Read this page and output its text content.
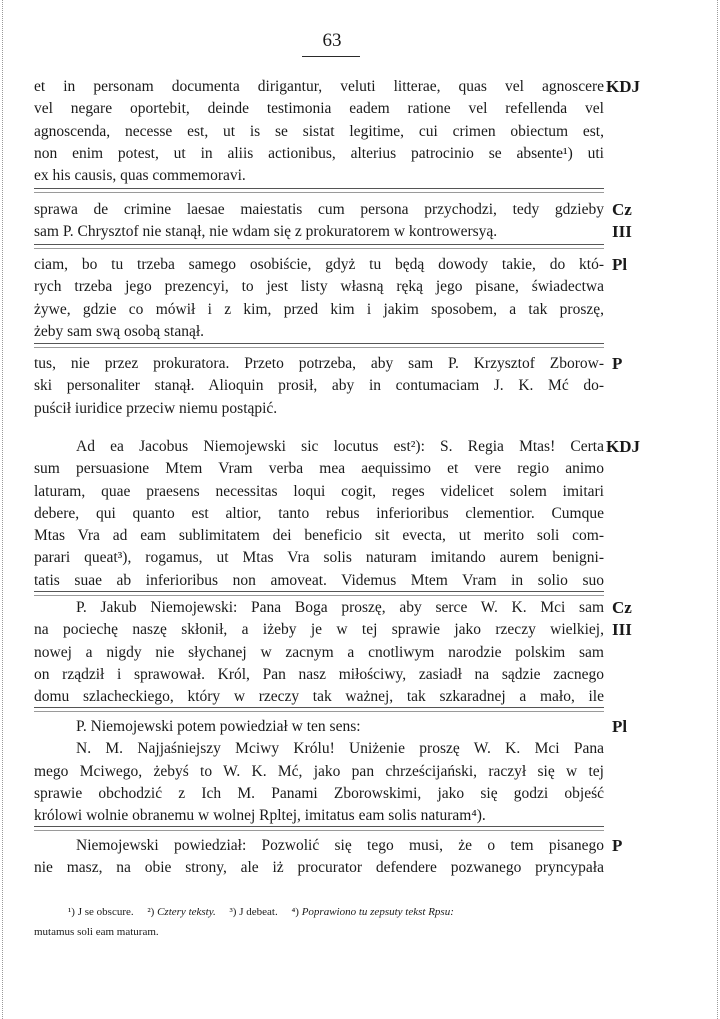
63
et in personam documenta dirigantur, veluti litterae, quas vel agnoscere
vel negare oportebit, deinde testimonia eadem ratione vel refellenda vel
agnoscenda, necesse est, ut is se sistat legitime, cui crimen obiectum est,
non enim potest, ut in aliis actionibus, alterius patrocinio se absente¹) uti
ex his causis, quas commemoravi.
KDJ
sprawa de crimine laesae maiestatis cum persona przychodzi, tedy gdzieby
sam P. Chrysztof nie stanął, nie wdam się z prokuratorem w kontrowersyą.
Cz
III
ciam, bo tu trzeba samego osobiście, gdyż tu będą dowody takie, do któ-
rych trzeba jego prezencyi, to jest listy własną ręką jego pisane, świadectwa
żywe, gdzie co mówił i z kim, przed kim i jakim sposobem, a tak proszę,
żeby sam swą osobą stanął.
Pl
tus, nie przez prokuratora. Przeto potrzeba, aby sam P. Krzysztof Zborow-
ski personaliter stanął. Alioquin prosił, aby in contumaciam J. K. Mć do-
puścił iuridice przeciw niemu postąpić.
P
Ad ea Jacobus Niemojewski sic locutus est²): S. Regia Mtas! Certa
sum persuasione Mtem Vram verba mea aequissimo et vere regio animo
laturam, quae praesens necessitas loqui cogit, reges videlicet solem imitari
debere, qui quanto est altior, tanto rebus inferioribus clementior. Cumque
Mtas Vra ad eam sublimitatem dei beneficio sit evecta, ut merito soli com-
parari queat³), rogamus, ut Mtas Vra solis naturam imitando aurem benigni-
tatis suae ab inferioribus non amoveat. Videmus Mtem Vram in solio suo
KDJ
P. Jakub Niemojewski: Pana Boga proszę, aby serce W. K. Mci sam
na pociechę naszę skłonił, a iżeby je w tej sprawie jako rzeczy wielkiej,
nowej a nigdy nie słychanej w zacnym a cnotliwym narodzie polskim sam
on rządził i sprawował. Król, Pan nasz miłościwy, zasiadł na sądzie zacnego
domu szlacheckiego, który w rzeczy tak ważnej, tak szkaradnej a mało, ile
Cz
III
P. Niemojewski potem powiedział w ten sens:
N. M. Najjaśniejszy Mciwy Królu! Uniżenie proszę W. K. Mci Pana
mego Mciwego, żebyś to W. K. Mć, jako pan chrześcijański, raczył się w tej
sprawie obchodzić z Ich M. Panami Zborowskimi, jako się godzi objeść
królowi wolnie obranemu w wolnej Rpltej, imitatus eam solis naturam⁴).
Pl
Niemojewski powiedział: Pozwolić się tego musi, że o tem pisanego
nie masz, na obie strony, ale iż procurator defendere pozwanego pryncypała
P
¹) J se obscure. ²) Cztery teksty. ³) J debeat. ⁴) Poprawiono tu zepsuty tekst Rpsu:
mutamus soli eam maturam.
